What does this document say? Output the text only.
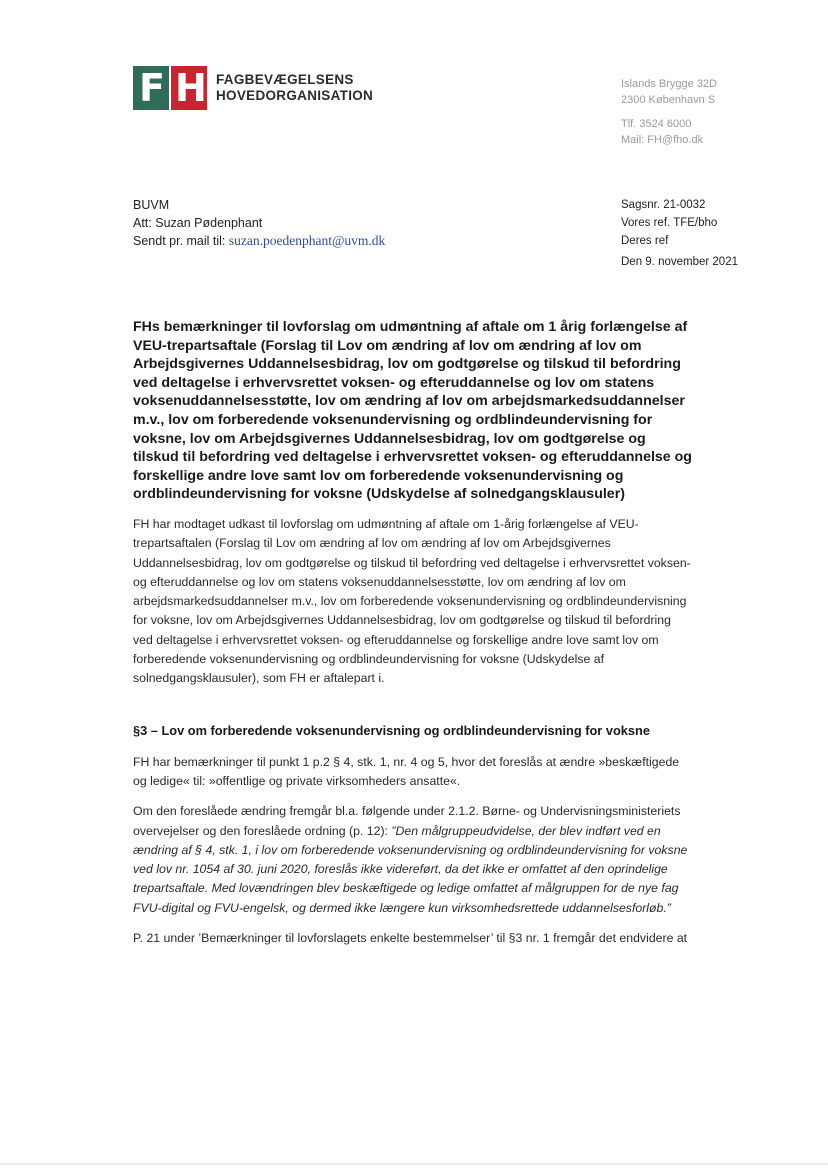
F H FAGBEVÆGELSENS
HOVEDORGANISATION
Islands Brygge 32D
2300 København S
Tlf. 3524 6000
Mail: FH@fho.dk
BUVM
Att: Suzan Pødenphant
Sendt pr. mail til: suzan.poedenphant@uvm.dk
Sagsnr. 21-0032
Vores ref. TFE/bho
Deres ref
Den 9. november 2021
FHs bemærkninger til lovforslag om udmøntning af aftale om 1 årig forlængelse af VEU-trepartsaftale (Forslag til Lov om ændring af lov om ændring af lov om Arbejdsgivernes Uddannelsesbidrag, lov om godtgørelse og tilskud til befordring ved deltagelse i erhvervsrettet voksen- og efteruddannelse og lov om statens voksenuddannelsesstøtte, lov om ændring af lov om arbejdsmarkedsuddannelser m.v., lov om forberedende voksenundervisning og ordblindeundervisning for voksne, lov om Arbejdsgivernes Uddannelsesbidrag, lov om godtgørelse og tilskud til befordring ved deltagelse i erhvervsrettet voksen- og efteruddannelse og forskellige andre love samt lov om forberedende voksenundervisning og ordblindeundervisning for voksne (Udskydelse af solnedgangsklausuler)
FH har modtaget udkast til lovforslag om udmøntning af aftale om 1-årig forlængelse af VEU-trepartsaftalen (Forslag til Lov om ændring af lov om ændring af lov om Arbejdsgivernes Uddannelsesbidrag, lov om godtgørelse og tilskud til befordring ved deltagelse i erhvervsrettet voksen- og efteruddannelse og lov om statens voksenuddannelsesstøtte, lov om ændring af lov om arbejdsmarkedsuddannelser m.v., lov om forberedende voksenundervisning og ordblindeundervisning for voksne, lov om Arbejdsgivernes Uddannelsesbidrag, lov om godtgørelse og tilskud til befordring ved deltagelse i erhvervsrettet voksen- og efteruddannelse og forskellige andre love samt lov om forberedende voksenundervisning og ordblindeundervisning for voksne (Udskydelse af solnedgangsklausuler), som FH er aftalepart i.
§3 – Lov om forberedende voksenundervisning og ordblindeundervisning for voksne
FH har bemærkninger til punkt 1 p.2 § 4, stk. 1, nr. 4 og 5, hvor det foreslås at ændre »beskæftigede og ledige« til: »offentlige og private virksomheders ansatte«.
Om den foreslåede ændring fremgår bl.a. følgende under 2.1.2. Børne- og Undervisningsministeriets overvejelser og den foreslåede ordning (p. 12): ”Den målgruppeudvidelse, der blev indført ved en ændring af § 4, stk. 1, i lov om forberedende voksenundervisning og ordblindeundervisning for voksne ved lov nr. 1054 af 30. juni 2020, foreslås ikke videreført, da det ikke er omfattet af den oprindelige trepartsaftale. Med lovændringen blev beskæftigede og ledige omfattet af målgruppen for de nye fag FVU-digital og FVU-engelsk, og dermed ikke længere kun virksomhedsrettede uddannelsesforløb.”
P. 21 under ’Bemærkninger til lovforslagets enkelte bestemmelser’ til §3 nr. 1 fremgår det endvidere at
